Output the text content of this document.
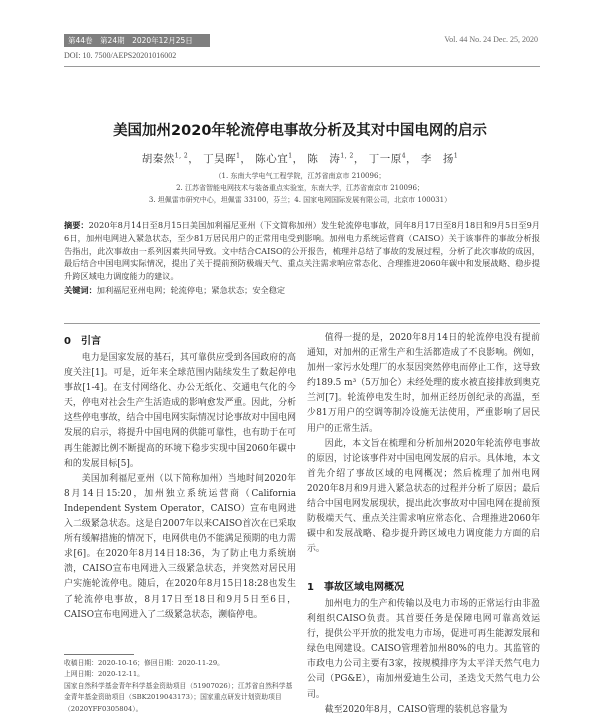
第44卷　第24期　2020年12月25日	Vol. 44 No. 24 Dec. 25, 2020
DOI: 10. 7500/AEPS20201016002
美国加州2020年轮流停电事故分析及其对中国电网的启示
胡秦然$^{1, 2}$， 丁昊晖$^1$， 陈心宜$^1$， 陈　涛$^{1, 2}$， 丁一原$^4$， 李　扬$^1$
（1. 东南大学电气工程学院，江苏省南京市 210096；
2. 江苏省智能电网技术与装备重点实验室，东南大学，江苏省南京市 210096；
3. 坦佩雷市研究中心，坦佩雷 33100，芬兰；4. 国家电网国际发展有限公司，北京市 100031）
摘要：2020年8月14日至8月15日美国加利福尼亚州（下文简称加州）发生轮流停电事故，同年8月17日至8月18日和9月5日至9月6日，加州电网进入紧急状态，至少81万居民用户的正常用电受到影响。加州电力系统运营商（CAISO）关于该事件的事故分析报告指出，此次事故由一系列因素共同导致。文中结合CAISO的公开报告，梳理并总结了事故的发展过程，分析了此次事故的成因，最后结合中国电网实际情况，提出了关于提前预防极端天气、重点关注需求响应常态化、合理推进2060年碳中和发展战略、稳步提升跨区域电力调度能力的建议。
关键词：加利福尼亚州电网；轮流停电；紧急状态；安全稳定
0　引言

电力是国家发展的基石，其可靠供应受到各国政府的高度关注[1]。可是，近年来全球范围内陆续发生了数起停电事故[1-4]。在支付网络化、办公无纸化、交通电气化的今天，停电对社会生产生活造成的影响愈发严重。因此，分析这些停电事故，结合中国电网实际情况讨论事故对中国电网发展的启示，将提升中国电网的供能可靠性，也有助于在可再生能源比例不断提高的环境下稳步实现中国2060年碳中和的发展目标[5]。

美国加利福尼亚州（以下简称加州）当地时间2020年8月14日15:20，加州独立系统运营商（California Independent System Operator，CAISO）宣布电网进入二级紧急状态。这是自2007年以来CAISO首次在已采取所有缓解措施的情况下，电网供电仍不能满足预期的电力需求[6]。在2020年8月14日18:36，为了防止电力系统崩溃，CAISO宣布电网进入三级紧急状态，并突然对居民用户实施轮流停电。随后，在2020年8月15日18:28也发生了轮流停电事故，8月17日至18日和9月5日至6日，CAISO宣布电网进入了二级紧急状态，濒临停电。

收稿日期：2020-10-16；修回日期：2020-11-29。
上网日期：2020-12-11。
国家自然科学基金青年科学基金资助项目（51907026）；江苏省自然科学基金青年基金资助项目（SBK2019043173）；国家重点研发计划资助项目（2020YFF0305804）。

值得一提的是，2020年8月14日的轮流停电没有提前通知，对加州的正常生产和生活都造成了不良影响。例如，加州一家污水处理厂的水泵因突然停电而停止工作，这导致约189.5 m³（5万加仑）未经处理的废水被直接排放到奥克兰河[7]。轮流停电发生时，加州正经历创纪录的高温，至少81万用户的空调等制冷设施无法使用，严重影响了居民用户的正常生活。

因此，本文旨在梳理和分析加州2020年轮流停电事故的原因，讨论该事件对中国电网发展的启示。具体地，本文首先介绍了事故区域的电网概况；然后梳理了加州电网2020年8月和9月进入紧急状态的过程并分析了原因；最后结合中国电网发展现状，提出此次事故对中国电网在提前预防极端天气、重点关注需求响应常态化、合理推进2060年碳中和发展战略、稳步提升跨区域电力调度能力方面的启示。

1　事故区域电网概况

加州电力的生产和传输以及电力市场的正常运行由非盈利组织CAISO负责。其首要任务是保障电网可靠高效运行，提供公平开放的批发电力市场，促进可再生能源发展和绿色电网建设。CAISO管理着加州80%的电力。其监管的市政电力公司主要有3家，按规模排序为太平洋天然气电力公司（PG&E），南加州爱迪生公司，圣迭戈天然气电力公司。

截至2020年8月，CAISO管理的装机总容量为
